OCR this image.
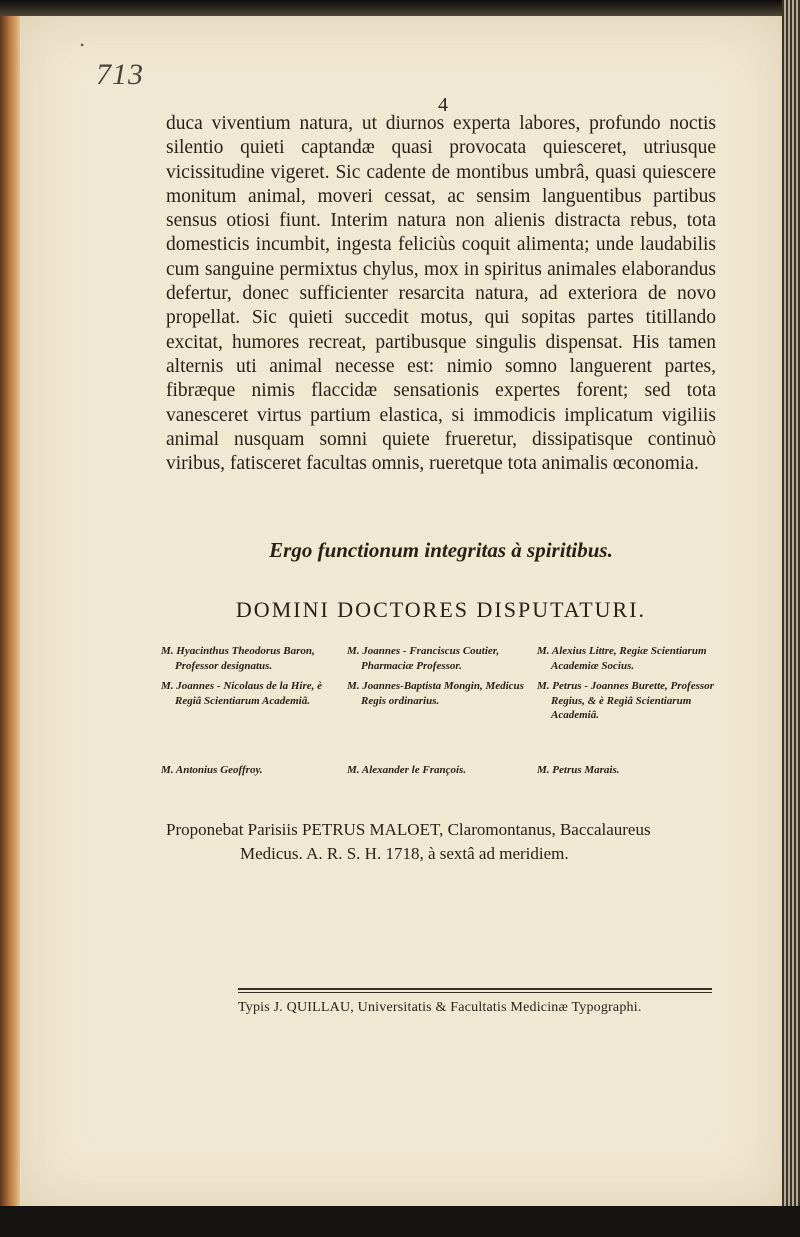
•
713
4

duca viventium natura, ut diurnos experta labores, profundo noctis silentio quieti captandæ quasi provocata quiesceret, utriusque vicissitudine vigeret. Sic cadente de montibus umbrâ, quasi quiescere monitum animal, moveri cessat, ac sensim languentibus partibus sensus otiosi fiunt. Interim natura non alienis distracta rebus, tota domesticis incumbit, ingesta feliciùs coquit alimenta; unde laudabilis cum sanguine permixtus chylus, mox in spiritus animales elaborandus defertur, donec sufficienter resarcita natura, ad exteriora de novo propellat. Sic quieti succedit motus, qui sopitas partes titillando excitat, humores recreat, partibusque singulis dispensat. His tamen alternis uti animal necesse est: nimio somno languerent partes, fibræque nimis flaccidæ sensationis expertes forent; sed tota vanesceret virtus partium elastica, si immodicis implicatum vigiliis animal nusquam somni quiete frueretur, dissipatisque continuò viribus, fatisceret facultas omnis, rueretque tota animalis œconomia.

Ergo functionum integritas à spiritibus.
DOMINI DOCTORES DISPUTATURI.
M. Hyacinthus Theodorus Baron, Professor designatus.
M. Joannes - Nicolaus de la Hire, è Regiâ Scientiarum Academiâ.
M. Joannes - Franciscus Coutier, Pharmaciæ Professor.
M. Joannes-Baptista Mongin, Medicus Regis ordinarius.
M. Alexius Littre, Regiæ Scientiarum Academiæ Socius.
M. Petrus - Joannes Burette, Professor Regius, & è Regiâ Scientiarum Academiâ.
M. Antonius Geoffroy.	M. Alexander le François.	M. Petrus Marais.
Proponebat Parisiis PETRUS MALOET, Claromontanus, Baccalaureus
Medicus. A. R. S. H. 1718, à sextâ ad meridiem.
Typis J. QUILLAU, Universitatis & Facultatis Medicinæ Typographi.
